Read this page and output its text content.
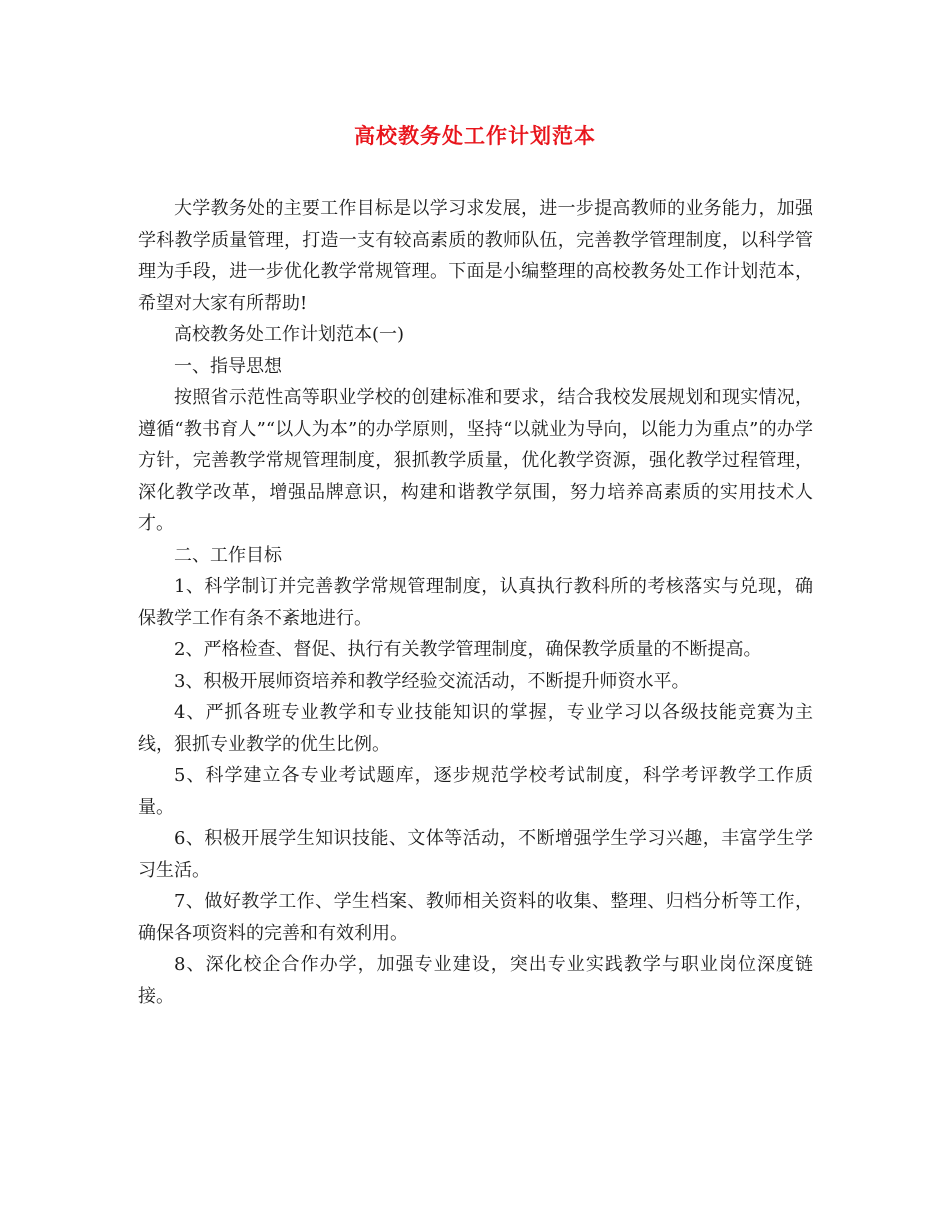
高校教务处工作计划范本

大学教务处的主要工作目标是以学习求发展，进一步提高教师的业务能力，加强学科教学质量管理，打造一支有较高素质的教师队伍，完善教学管理制度，以科学管理为手段，进一步优化教学常规管理。下面是小编整理的高校教务处工作计划范本，希望对大家有所帮助!

高校教务处工作计划范本(一)

一、指导思想

按照省示范性高等职业学校的创建标准和要求，结合我校发展规划和现实情况，遵循“教书育人”“以人为本”的办学原则，坚持“以就业为导向，以能力为重点”的办学方针，完善教学常规管理制度，狠抓教学质量，优化教学资源，强化教学过程管理，深化教学改革，增强品牌意识，构建和谐教学氛围，努力培养高素质的实用技术人才。

二、工作目标

1、科学制订并完善教学常规管理制度，认真执行教科所的考核落实与兑现，确保教学工作有条不紊地进行。

2、严格检查、督促、执行有关教学管理制度，确保教学质量的不断提高。

3、积极开展师资培养和教学经验交流活动，不断提升师资水平。

4、严抓各班专业教学和专业技能知识的掌握，专业学习以各级技能竞赛为主线，狠抓专业教学的优生比例。

5、科学建立各专业考试题库，逐步规范学校考试制度，科学考评教学工作质量。

6、积极开展学生知识技能、文体等活动，不断增强学生学习兴趣，丰富学生学习生活。

7、做好教学工作、学生档案、教师相关资料的收集、整理、归档分析等工作，确保各项资料的完善和有效利用。

8、深化校企合作办学，加强专业建设，突出专业实践教学与职业岗位深度链接。
